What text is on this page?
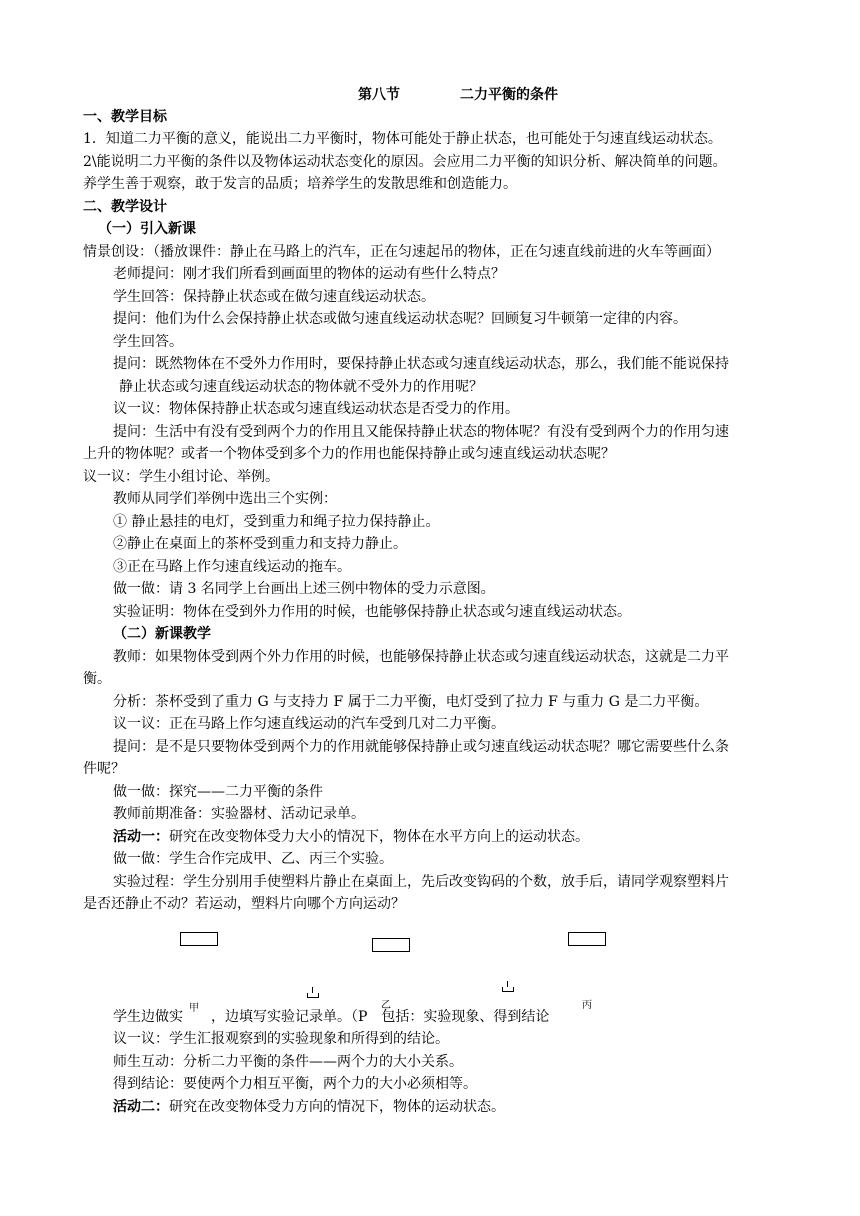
第八节	二力平衡的条件
一、教学目标
1．知道二力平衡的意义，能说出二力平衡时，物体可能处于静止状态，也可能处于匀速直线运动状态。
2\能说明二力平衡的条件以及物体运动状态变化的原因。会应用二力平衡的知识分析、解决简单的问题。
养学生善于观察，敢于发言的品质；培养学生的发散思维和创造能力。
二、教学设计
（一）引入新课
情景创设：（播放课件：静止在马路上的汽车，正在匀速起吊的物体，正在匀速直线前进的火车等画面）
老师提问：刚才我们所看到画面里的物体的运动有些什么特点？
学生回答：保持静止状态或在做匀速直线运动状态。
提问：他们为什么会保持静止状态或做匀速直线运动状态呢？回顾复习牛顿第一定律的内容。
学生回答。
提问：既然物体在不受外力作用时，要保持静止状态或匀速直线运动状态，那么，我们能不能说保持
静止状态或匀速直线运动状态的物体就不受外力的作用呢？
议一议：物体保持静止状态或匀速直线运动状态是否受力的作用。
提问：生活中有没有受到两个力的作用且又能保持静止状态的物体呢？有没有受到两个力的作用匀速
上升的物体呢？或者一个物体受到多个力的作用也能保持静止或匀速直线运动状态呢？
议一议：学生小组讨论、举例。
教师从同学们举例中选出三个实例：
① 静止悬挂的电灯，受到重力和绳子拉力保持静止。
②静止在桌面上的茶杯受到重力和支持力静止。
③正在马路上作匀速直线运动的拖车。
做一做：请 3 名同学上台画出上述三例中物体的受力示意图。
实验证明：物体在受到外力作用的时候，也能够保持静止状态或匀速直线运动状态。
（二）新课教学
教师：如果物体受到两个外力作用的时候，也能够保持静止状态或匀速直线运动状态，这就是二力平
衡。
分析：茶杯受到了重力 G 与支持力 F 属于二力平衡，电灯受到了拉力 F 与重力 G 是二力平衡。
议一议：正在马路上作匀速直线运动的汽车受到几对二力平衡。
提问：是不是只要物体受到两个力的作用就能够保持静止或匀速直线运动状态呢？哪它需要些什么条
件呢？
做一做：探究——二力平衡的条件
教师前期准备：实验器材、活动记录单。
活动一：研究在改变物体受力大小的情况下，物体在水平方向上的运动状态。
做一做：学生合作完成甲、乙、丙三个实验。
实验过程：学生分别用手使塑料片静止在桌面上，先后改变钩码的个数，放手后，请同学观察塑料片
是否还静止不动？若运动，塑料片向哪个方向运动？
学生边做实 ，边填写实验记录单。（P 包括：实验现象、得到结论
甲	乙	丙
议一议：学生汇报观察到的实验现象和所得到的结论。
师生互动：分析二力平衡的条件——两个力的大小关系。
得到结论：要使两个力相互平衡，两个力的大小必须相等。
活动二：研究在改变物体受力方向的情况下，物体的运动状态。
